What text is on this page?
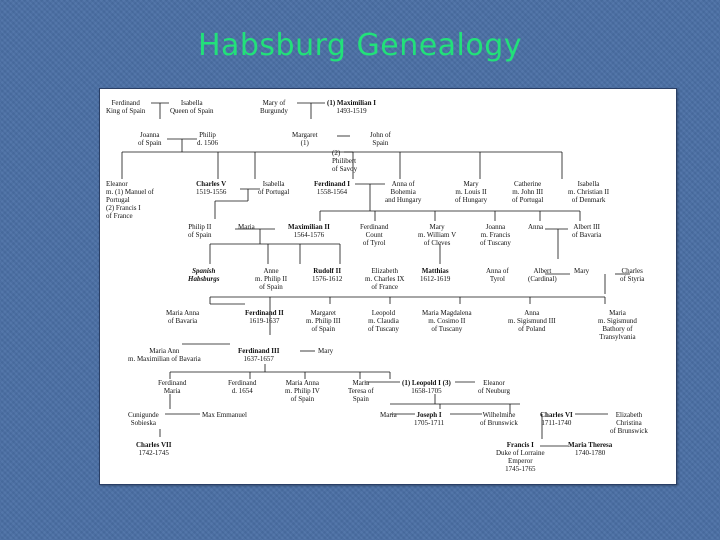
Habsburg Genealogy
Ferdinand
King of Spain
Isabella
Queen of Spain
Mary of
Burgundy
(1) Maximilian I
1493-1519
Joanna
of Spain
Philip
d. 1506
Margaret
(1)
John of
Spain
(2)
Philibert
of Savoy
Eleanor
m. (1) Manuel of
Portugal
(2) Francis I
of France
Charles V
1519-1556
Isabella
of Portugal
Ferdinand I
1558-1564
Anna of
Bohemia
and Hungary
Mary
m. Louis II
of Hungary
Catherine
m. John III
of Portugal
Isabella
m. Christian II
of Denmark
Philip II
of Spain
Maria	Maximilian II
1564-1576
Ferdinand
Count
of Tyrol
Mary
m. William V
of Cleves
Joanna
m. Francis
of Tuscany
Anna	Albert III
of Bavaria
Spanish
Habsburgs
Anne
m. Philip II
of Spain
Rudolf II
1576-1612
Elizabeth
m. Charles IX
of France
Matthias
1612-1619
Anna of
Tyrol
Albert
(Cardinal)
Mary	Charles
of Styria
Maria Anna
of Bavaria
Ferdinand II
1619-1637
Margaret
m. Philip III
of Spain
Leopold
m. Claudia
of Tuscany
Maria Magdalena
m. Cosimo II
of Tuscany
Anna
m. Sigismund III
of Poland
Maria
m. Sigismund
Bathory of
Transylvania
Maria Ann
m. Maximilian of Bavaria
Ferdinand III
1637-1657
Mary
Ferdinand
Maria
Ferdinand
d. 1654
Maria Anna
m. Philip IV
of Spain
Maria
Teresa of
Spain
(1) Leopold I (3)
1658-1705
Eleanor
of Neuburg
Cunigunde
Sobieska
Max Emmanuel	Maria	Joseph I
1705-1711
Wilhelmine
of Brunswick
Charles VI
1711-1740
Elizabeth
Christina
of Brunswick
Charles VII
1742-1745
Francis I
Duke of Lorraine
Emperor
1745-1765
Maria Theresa
1740-1780
